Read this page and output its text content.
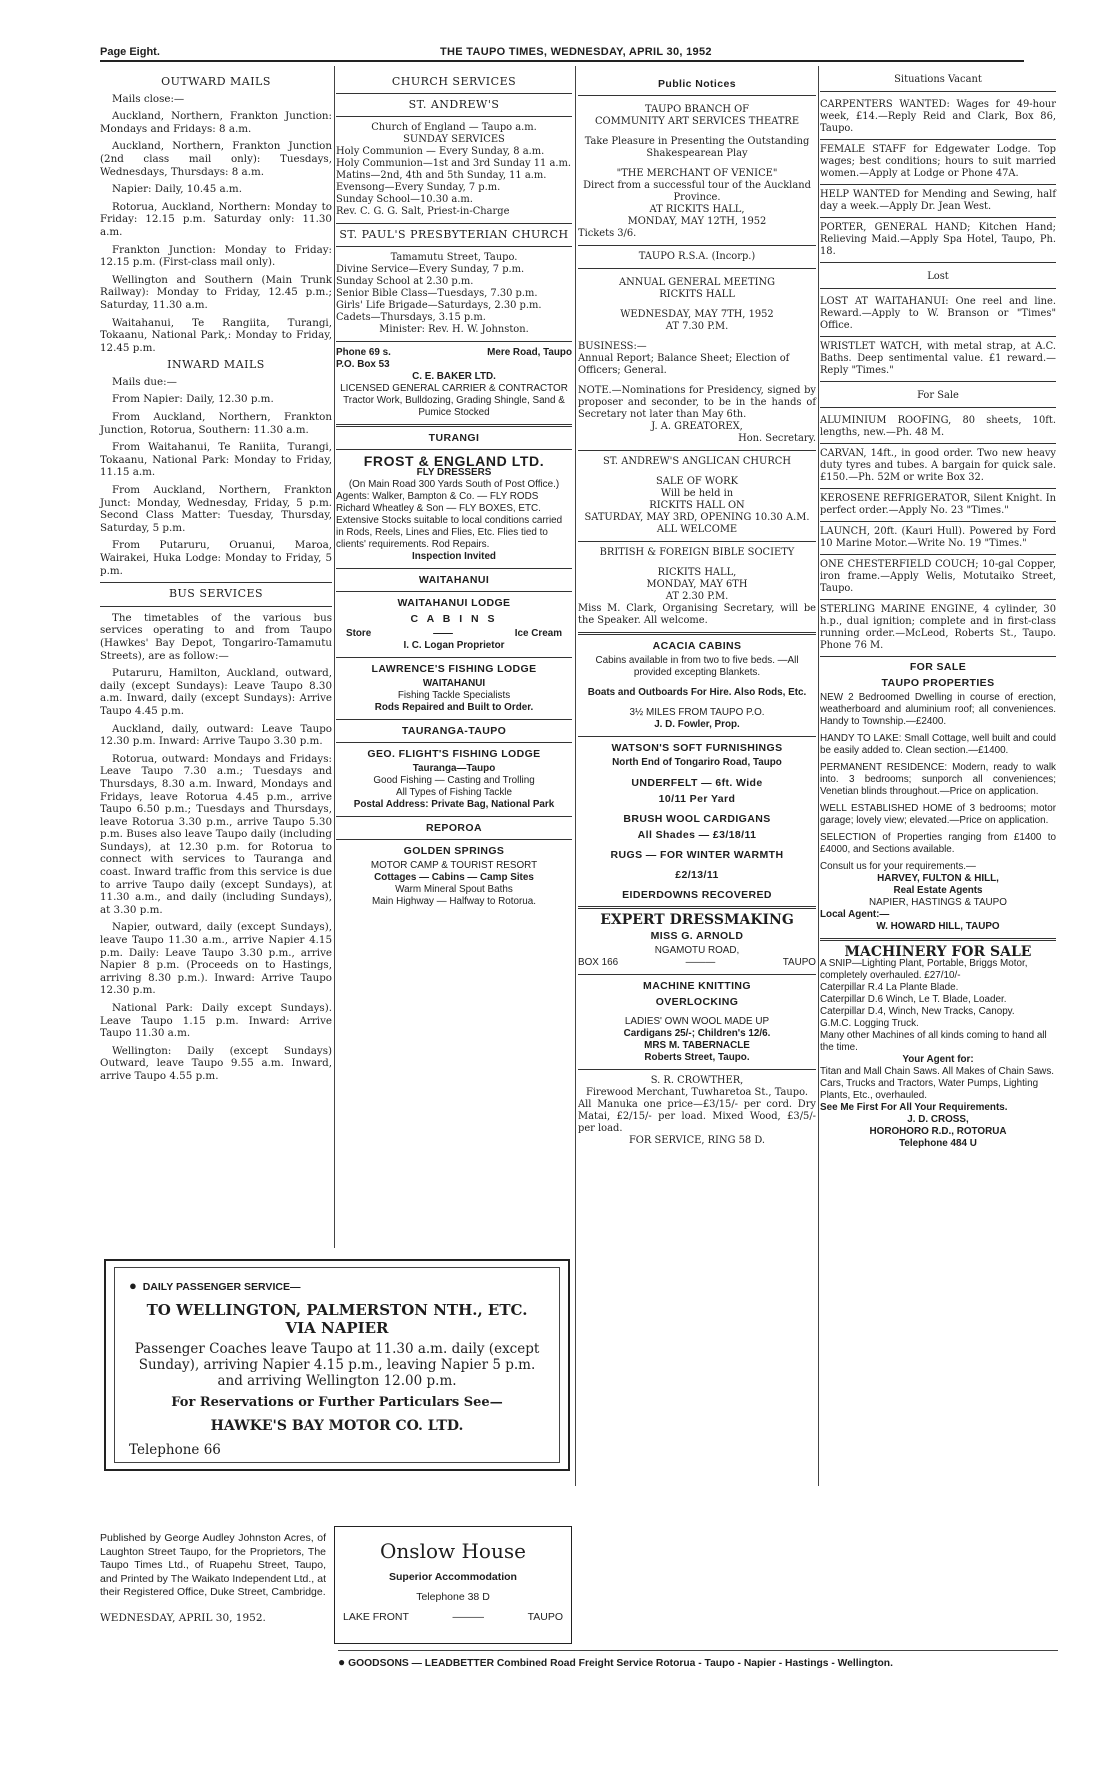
Page Eight.	THE TAUPO TIMES, WEDNESDAY, APRIL 30, 1952
OUTWARD MAILS

Mails close:—

Auckland, Northern, Frankton Junction: Mondays and Fridays: 8 a.m.

Auckland, Northern, Frankton Junction (2nd class mail only): Tuesdays, Wednesdays, Thursdays: 8 a.m.

Napier: Daily, 10.45 a.m.

Rotorua, Auckland, Northern: Monday to Friday: 12.15 p.m. Saturday only: 11.30 a.m.

Frankton Junction: Monday to Friday: 12.15 p.m. (First-class mail only).

Wellington and Southern (Main Trunk Railway): Monday to Friday, 12.45 p.m.; Saturday, 11.30 a.m.

Waitahanui, Te Rangiita, Turangi, Tokaanu, National Park,: Monday to Friday, 12.45 p.m.

INWARD MAILS

Mails due:—

From Napier: Daily, 12.30 p.m.

From Auckland, Northern, Frankton Junction, Rotorua, Southern: 11.30 a.m.

From Waitahanui, Te Raniita, Turangi, Tokaanu, National Park: Monday to Friday, 11.15 a.m.

From Auckland, Northern, Frankton Junct: Monday, Wednesday, Friday, 5 p.m. Second Class Matter: Tuesday, Thursday, Saturday, 5 p.m.

From Putaruru, Oruanui, Maroa, Wairakei, Huka Lodge: Monday to Friday, 5 p.m.

BUS SERVICES

The timetables of the various bus services operating to and from Taupo (Hawkes' Bay Depot, Tongariro-Tamamutu Streets), are as follow:—

Putaruru, Hamilton, Auckland, outward, daily (except Sundays): Leave Taupo 8.30 a.m. Inward, daily (except Sundays): Arrive Taupo 4.45 p.m.

Auckland, daily, outward: Leave Taupo 12.30 p.m. Inward: Arrive Taupo 3.30 p.m.

Rotorua, outward: Mondays and Fridays: Leave Taupo 7.30 a.m.; Tuesdays and Thursdays, 8.30 a.m. Inward, Mondays and Fridays, leave Rotorua 4.45 p.m., arrive Taupo 6.50 p.m.; Tuesdays and Thursdays, leave Rotorua 3.30 p.m., arrive Taupo 5.30 p.m. Buses also leave Taupo daily (including Sundays), at 12.30 p.m. for Rotorua to connect with services to Tauranga and coast. Inward traffic from this service is due to arrive Taupo daily (except Sundays), at 11.30 a.m., and daily (including Sundays), at 3.30 p.m.

Napier, outward, daily (except Sundays), leave Taupo 11.30 a.m., arrive Napier 4.15 p.m. Daily: Leave Taupo 3.30 p.m., arrive Napier 8 p.m. (Proceeds on to Hastings, arriving 8.30 p.m.). Inward: Arrive Taupo 12.30 p.m.

National Park: Daily except Sundays). Leave Taupo 1.15 p.m. Inward: Arrive Taupo 11.30 a.m.

Wellington: Daily (except Sundays) Outward, leave Taupo 9.55 a.m. Inward, arrive Taupo 4.55 p.m.

CHURCH SERVICES
ST. ANDREW'S
Church of England — Taupo a.m.
SUNDAY SERVICES
Holy Communion — Every Sunday, 8 a.m.
Holy Communion—1st and 3rd Sunday 11 a.m.
Matins—2nd, 4th and 5th Sunday, 11 a.m.
Evensong—Every Sunday, 7 p.m.
Sunday School—10.30 a.m.
Rev. C. G. G. Salt, Priest-in-Charge
ST. PAUL'S PRESBYTERIAN CHURCH
Tamamutu Street, Taupo.
Divine Service—Every Sunday, 7 p.m.
Sunday School at 2.30 p.m.
Senior Bible Class—Tuesdays, 7.30 p.m.
Girls' Life Brigade—Saturdays, 2.30 p.m.
Cadets—Thursdays, 3.15 p.m.
Minister: Rev. H. W. Johnston.
Phone 69 s.	Mere Road, Taupo
P.O. Box 53
C. E. BAKER LTD.
LICENSED GENERAL CARRIER & CONTRACTOR
Tractor Work, Bulldozing, Grading Shingle, Sand & Pumice Stocked
TURANGI
FROST & ENGLAND LTD.
FLY DRESSERS
(On Main Road 300 Yards South of Post Office.)
Agents: Walker, Bampton & Co. — FLY RODS
Richard Wheatley & Son — FLY BOXES, ETC.
Extensive Stocks suitable to local conditions carried in Rods, Reels, Lines and Flies, Etc. Flies tied to clients' requirements. Rod Repairs.
Inspection Invited
WAITAHANUI
WAITAHANUI LODGE
C A B I N S
Store	——	Ice Cream
I. C. Logan Proprietor
LAWRENCE'S FISHING LODGE
WAITAHANUI
Fishing Tackle Specialists
Rods Repaired and Built to Order.
TAURANGA-TAUPO
GEO. FLIGHT'S FISHING LODGE
Tauranga—Taupo
Good Fishing — Casting and Trolling
All Types of Fishing Tackle
Postal Address: Private Bag, National Park
REPOROA
GOLDEN SPRINGS
MOTOR CAMP & TOURIST RESORT
Cottages — Cabins — Camp Sites
Warm Mineral Spout Baths
Main Highway — Halfway to Rotorua.
Public Notices
TAUPO BRANCH OF
COMMUNITY ART SERVICES THEATRE
Take Pleasure in Presenting the Outstanding Shakespearean Play
"THE MERCHANT OF VENICE"
Direct from a successful tour of the Auckland Province.
AT RICKITS HALL,
MONDAY, MAY 12TH, 1952
Tickets 3/6.
TAUPO R.S.A. (Incorp.)
ANNUAL GENERAL MEETING
RICKITS HALL
WEDNESDAY, MAY 7TH, 1952
AT 7.30 P.M.
BUSINESS:—
Annual Report; Balance Sheet; Election of Officers; General.
NOTE.—Nominations for Presidency, signed by proposer and seconder, to be in the hands of Secretary not later than May 6th.
J. A. GREATOREX,
Hon. Secretary.
ST. ANDREW'S ANGLICAN CHURCH
SALE OF WORK
Will be held in
RICKITS HALL ON
SATURDAY, MAY 3RD, OPENING 10.30 A.M.
ALL WELCOME
BRITISH & FOREIGN BIBLE SOCIETY
RICKITS HALL,
MONDAY, MAY 6TH
AT 2.30 P.M.
Miss M. Clark, Organising Secretary, will be the Speaker. All welcome.
ACACIA CABINS
Cabins available in from two to five beds. —All provided excepting Blankets.
Boats and Outboards For Hire. Also Rods, Etc.
3½ MILES FROM TAUPO P.O.
J. D. Fowler, Prop.
WATSON'S SOFT FURNISHINGS
North End of Tongariro Road, Taupo
UNDERFELT — 6ft. Wide
10/11 Per Yard
BRUSH WOOL CARDIGANS
All Shades — £3/18/11
RUGS — FOR WINTER WARMTH
£2/13/11
EIDERDOWNS RECOVERED
EXPERT DRESSMAKING
MISS G. ARNOLD
NGAMOTU ROAD,
BOX 166	———	TAUPO
MACHINE KNITTING
OVERLOCKING
LADIES' OWN WOOL MADE UP
Cardigans 25/-; Children's 12/6.
MRS M. TABERNACLE
Roberts Street, Taupo.
S. R. CROWTHER,
Firewood Merchant, Tuwharetoa St., Taupo.
All Manuka one price—£3/15/- per cord. Dry Matai, £2/15/- per load. Mixed Wood, £3/5/- per load.
FOR SERVICE, RING 58 D.
Situations Vacant
CARPENTERS WANTED: Wages for 49-hour week, £14.—Reply Reid and Clark, Box 86, Taupo.
FEMALE STAFF for Edgewater Lodge. Top wages; best conditions; hours to suit married women.—Apply at Lodge or Phone 47A.
HELP WANTED for Mending and Sewing, half day a week.—Apply Dr. Jean West.
PORTER, GENERAL HAND; Kitchen Hand; Relieving Maid.—Apply Spa Hotel, Taupo, Ph. 18.
Lost
LOST AT WAITAHANUI: One reel and line. Reward.—Apply to W. Branson or "Times" Office.
WRISTLET WATCH, with metal strap, at A.C. Baths. Deep sentimental value. £1 reward.—Reply "Times."
For Sale
ALUMINIUM ROOFING, 80 sheets, 10ft. lengths, new.—Ph. 48 M.
CARVAN, 14ft., in good order. Two new heavy duty tyres and tubes. A bargain for quick sale. £150.—Ph. 52M or write Box 32.
KEROSENE REFRIGERATOR, Silent Knight. In perfect order.—Apply No. 23 "Times."
LAUNCH, 20ft. (Kauri Hull). Powered by Ford 10 Marine Motor.—Write No. 19 "Times."
ONE CHESTERFIELD COUCH; 10-gal Copper, iron frame.—Apply Welis, Motutaiko Street, Taupo.
STERLING MARINE ENGINE, 4 cylinder, 30 h.p., dual ignition; complete and in first-class running order.—McLeod, Roberts St., Taupo. Phone 76 M.
FOR SALE
TAUPO PROPERTIES

NEW 2 Bedroomed Dwelling in course of erection, weatherboard and aluminium roof; all conveniences. Handy to Township.—£2400.

HANDY TO LAKE: Small Cottage, well built and could be easily added to. Clean section.—£1400.

PERMANENT RESIDENCE: Modern, ready to walk into. 3 bedrooms; sunporch all conveniences; Venetian blinds throughout.—Price on application.

WELL ESTABLISHED HOME of 3 bedrooms; motor garage; lovely view; elevated.—Price on application.

SELECTION of Properties ranging from £1400 to £4000, and Sections available.

Consult us for your requirements.—
HARVEY, FULTON & HILL,
Real Estate Agents
NAPIER, HASTINGS & TAUPO
Local Agent:—
W. HOWARD HILL, TAUPO
MACHINERY FOR SALE
A SNIP—Lighting Plant, Portable, Briggs Motor, completely overhauled. £27/10/-
Caterpillar R.4 La Plante Blade.
Caterpillar D.6 Winch, Le T. Blade, Loader.
Caterpillar D.4, Winch, New Tracks, Canopy.
G.M.C. Logging Truck.
Many other Machines of all kinds coming to hand all the time.
Your Agent for:
Titan and Mall Chain Saws. All Makes of Chain Saws.
Cars, Trucks and Tractors, Water Pumps, Lighting Plants, Etc., overhauled.
See Me First For All Your Requirements.
J. D. CROSS,
HOROHORO R.D., ROTORUA
Telephone 484 U
● DAILY PASSENGER SERVICE—
TO WELLINGTON, PALMERSTON NTH., ETC.
VIA NAPIER
Passenger Coaches leave Taupo at 11.30 a.m. daily (except Sunday), arriving Napier 4.15 p.m., leaving Napier 5 p.m. and arriving Wellington 12.00 p.m.
For Reservations or Further Particulars See—
HAWKE'S BAY MOTOR CO. LTD.
Telephone 66

Published by George Audley Johnston Acres, of Laughton Street Taupo, for the Proprietors, The Taupo Times Ltd., of Ruapehu Street, Taupo, and Printed by The Waikato Independent Ltd., at their Registered Office, Duke Street, Cambridge.

WEDNESDAY, APRIL 30, 1952.
Onslow House
Superior Accommodation
Telephone 38 D
LAKE FRONT	———	TAUPO
● GOODSONS — LEADBETTER Combined Road Freight Service Rotorua - Taupo - Napier - Hastings - Wellington.
